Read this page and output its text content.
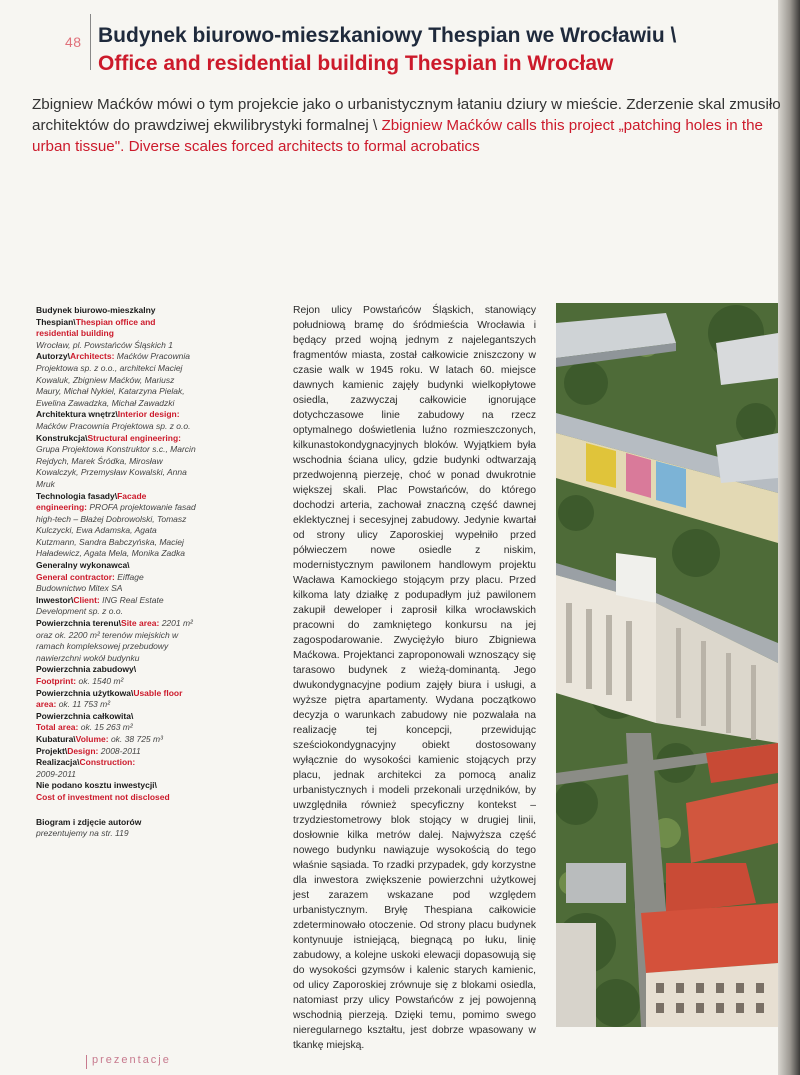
48 Budynek biurowo-mieszkaniowy Thespian we Wrocławiu \
Office and residential building Thespian in Wrocław
Zbigniew Maćków mówi o tym projekcie jako o urbanistycznym łataniu dziury w mieście. Zderzenie skal zmusiło architektów do prawdziwej ekwilibrystyki formalnej \ Zbigniew Maćków calls this project „patching holes in the urban tissue". Diverse scales forced architects to formal acrobatics

Budynek biurowo-mieszkalny Thespian\Thespian office and residential building
Wrocław, pl. Powstańców Śląskich 1

Autorzy\Architects: Maćków Pracownia Projektowa sp. z o.o., architekci Maciej Kowaluk, Zbigniew Maćków, Mariusz Maury, Michał Nykiel, Katarzyna Pielak, Ewelina Zawadzka, Michał Zawadzki

Architektura wnętrz\Interior design: Maćków Pracownia Projektowa sp. z o.o.

Konstrukcja\Structural engineering: Grupa Projektowa Konstruktor s.c., Marcin Rejdych, Marek Śródka, Mirosław Kowalczyk, Przemysław Kowalski, Anna Mruk

Technologia fasady\Facade engineering: PROFA projektowanie fasad high-tech – Błażej Dobrowolski, Tomasz Kulczycki, Ewa Adamska, Agata Kutzmann, Sandra Babczyńska, Maciej Haładewicz, Agata Mela, Monika Zadka

Generalny wykonawca\
General contractor: Eiffage Budownictwo Mitex SA

Inwestor\Client: ING Real Estate Development sp. z o.o.

Powierzchnia terenu\Site area: 2201 m² oraz ok. 2200 m² terenów miejskich w ramach kompleksowej przebudowy nawierzchni wokół budynku

Powierzchnia zabudowy\
Footprint: ok. 1540 m²

Powierzchnia użytkowa\Usable floor area: ok. 11 753 m²

Powierzchnia całkowita\
Total area: ok. 15 263 m²

Kubatura\Volume: ok. 38 725 m³

Projekt\Design: 2008-2011

Realizacja\Construction:
2009-2011

Nie podano kosztu inwestycji\
Cost of investment not disclosed

Biogram i zdjęcie autorów
prezentujemy na str. 119

Rejon ulicy Powstańców Śląskich, stanowiący południową bramę do śródmieścia Wrocławia i będący przed wojną jednym z najelegantszych fragmentów miasta, został całkowicie zniszczony w czasie walk w 1945 roku. W latach 60. miejsce dawnych kamienic zajęły budynki wielkopłytowe osiedla, zazwyczaj całkowicie ignorujące dotychczasowe linie zabudowy na rzecz optymalnego doświetlenia luźno rozmieszczonych, kilkunastokondygnacyjnych bloków. Wyjątkiem była wschodnia ściana ulicy, gdzie budynki odtwarzają przedwojenną pierzeję, choć w ponad dwukrotnie większej skali. Plac Powstańców, do którego dochodzi arteria, zachował znaczną część dawnej eklektycznej i secesyjnej zabudowy. Jedynie kwartał od strony ulicy Zaporoskiej wypełniło przed półwieczem nowe osiedle z niskim, modernistycznym pawilonem handlowym projektu Wacława Kamockiego stojącym przy placu. Przed kilkoma laty działkę z podupadłym już pawilonem zakupił deweloper i zaprosił kilka wrocławskich pracowni do zamkniętego konkursu na jej zagospodarowanie. Zwyciężyło biuro Zbigniewa Maćkowa. Projektanci zaproponowali wznoszący się tarasowo budynek z wieżą-dominantą. Jego dwukondygnacyjne podium zajęły biura i usługi, a wyższe piętra apartamenty. Wydana początkowo decyzja o warunkach zabudowy nie pozwalała na realizację tej koncepcji, przewidując sześciokondygnacyjny obiekt dostosowany wyłącznie do wysokości kamienic stojących przy placu, jednak architekci za pomocą analiz urbanistycznych i modeli przekonali urzędników, by uwzględniła również specyficzny kontekst – trzydziestometrowy blok stojący w drugiej linii, dosłownie kilka metrów dalej. Najwyższa część nowego budynku nawiązuje wysokością do tego właśnie sąsiada. To rzadki przypadek, gdy korzystne dla inwestora zwiększenie powierzchni użytkowej jest zarazem wskazane pod względem urbanistycznym. Bryłę Thespiana całkowicie zdeterminowało otoczenie. Od strony placu budynek kontynuuje istniejącą, biegnącą po łuku, linię zabudowy, a kolejne uskoki elewacji dopasowują się do wysokości gzymsów i kalenic starych kamienic, od ulicy Zaporoskiej zrównuje się z blokami osiedla, natomiast przy ulicy Powstańców z jej powojenną wschodnią pierzeją. Dzięki temu, pomimo swego nieregularnego kształtu, jest dobrze wpasowany w tkankę miejską.
prezentacje
